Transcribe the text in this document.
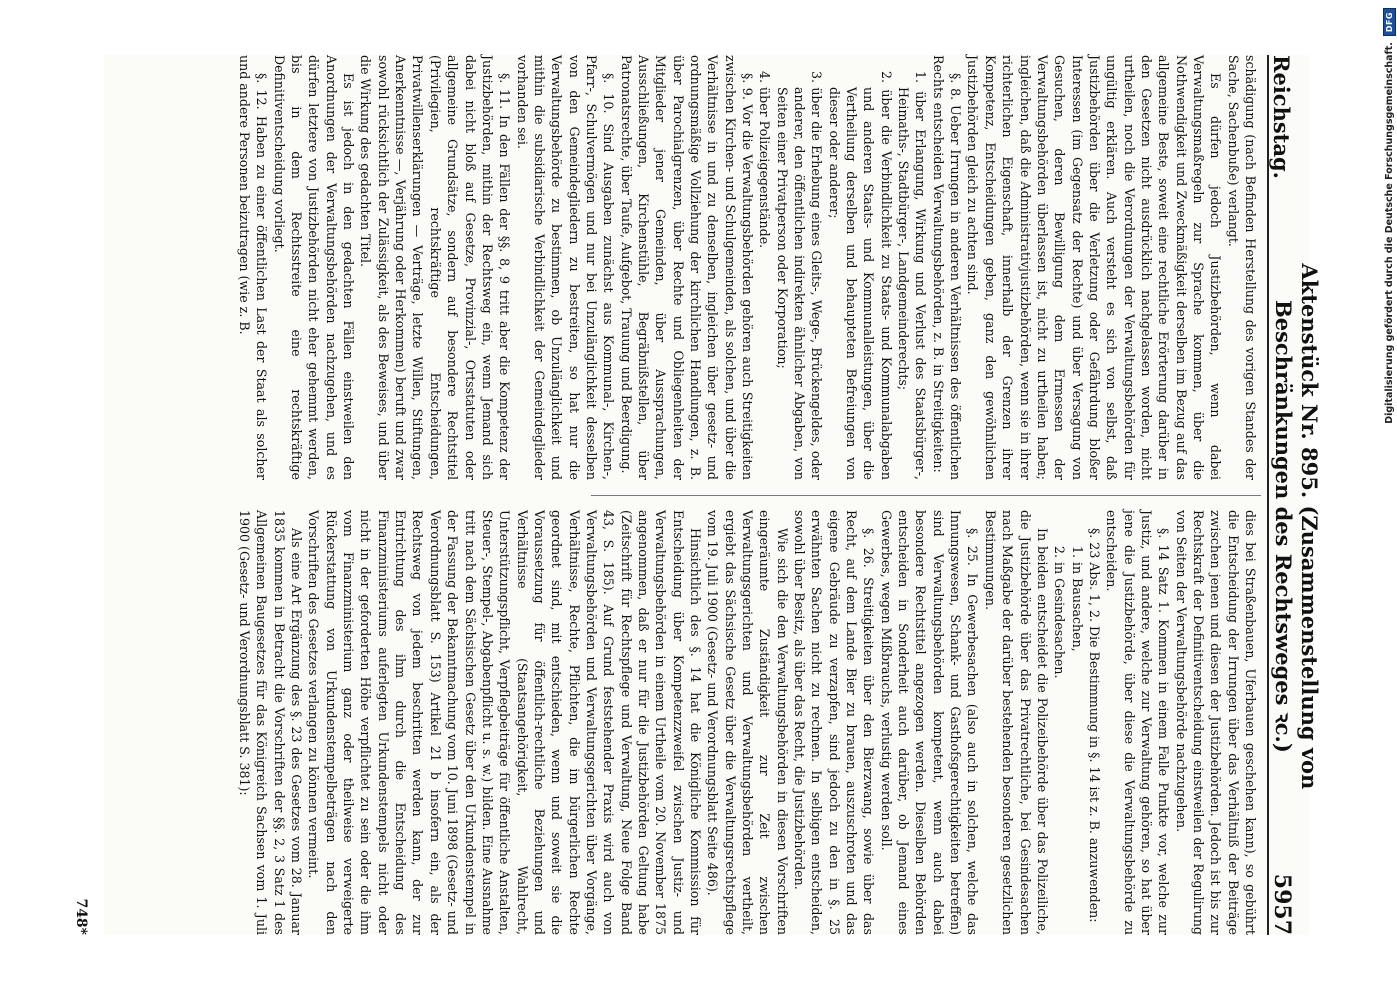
Reichstag.
Aktenstück Nr. 895. (Zusammenstellung von Beschränkungen des Rechtsweges ꝛc.)
5957

schädigung (nach Befinden Herstellung des vorigen Standes der Sache, Sachenbuße) verlangt.

Es dürfen jedoch Justizbehörden, wenn dabei Verwaltungsmaßregeln zur Sprache kommen, über die Nothwendigkeit und Zweckmäßigkeit derselben im Bezug auf das allgemeine Beste, soweit eine rechtliche Erörterung darüber in den Gesetzen nicht ausdrücklich nachgelassen worden, nicht urtheilen, noch die Verordnungen der Verwaltungsbehörden für ungültig erklären. Auch versteht es sich von selbst, daß Justizbehörden über die Verletzung oder Gefährdung bloßer Interessen (im Gegensatz der Rechte) und über Versagung von Gesuchen, deren Bewilligung dem Ermessen der Verwaltungsbehörden überlassen ist, nicht zu urtheilen haben; ingleichen, daß die Administrativjustizbehörden, wenn sie in ihrer richterlichen Eigenschaft, innerhalb der Grenzen ihrer Kompetenz, Entscheidungen geben, ganz den gewöhnlichen Justizbehörden gleich zu achten sind.

§. 8. Ueber Irrungen in anderen Verhältnissen des öffentlichen Rechts entscheiden Verwaltungsbehörden, z. B. in Streitigkeiten:

1. über Erlangung, Wirkung und Verlust des Staatsbürger-, Heimaths-, Stadtbürger-, Landgemeinderechts;

2. über die Verbindlichkeit zu Staats- und Kommunalabgaben und anderen Staats- und Kommunalleistungen, über die Vertheilung derselben und behaupteten Befreiungen von dieser oder anderer;

3. über die Erhebung eines Gleits-, Wege-, Brückengeldes, oder anderer, den öffentlichen indirekten ähnlicher Abgaben, von Seiten einer Privatperson oder Korporation;

4. über Polizeigegenstände.

§. 9. Vor die Verwaltungsbehörden gehören auch Streitigkeiten zwischen Kirchen- und Schulgemeinden, als solchen, und über die Verhältnisse in und zu denselben, ingleichen über gesetz- und ordnungsmäßige Vollziehung der kirchlichen Handlungen, z. B. über Parochialgrenzen, über Rechte und Obliegenheiten der Mitglieder jener Gemeinden, über Aussprachungen, Ausschließungen, Kirchenstühle, Begräbnißstellen, über Patronatsrechte, über Taufe, Aufgebot, Trauung und Beerdigung.

§. 10. Sind Ausgaben zunächst aus Kommunal-, Kirchen-, Pfarr-, Schulvermögen und nur bei Unzulänglichkeit desselben von den Gemeindegliedern zu bestreiten, so hat nur die Verwaltungsbehörde zu bestimmen, ob Unzulänglichkeit und mithin die subsidiarische Verbindlichkeit der Gemeindeglieder vorhanden sei.

§. 11. In den Fällen der §§. 8, 9 tritt aber die Kompetenz der Justizbehörden, mithin der Rechtsweg ein, wenn Jemand sich dabei nicht bloß auf Gesetze, Provinzial-, Ortsstatuten oder allgemeine Grundsätze, sondern auf besondere Rechtstitel (Privilegien, rechtskräftige Entscheidungen, Privatwillenserklärungen — Verträge, letzte Willen, Stiftungen, Anerkenntnisse —, Verjährung oder Herkommen) beruft und zwar sowohl rücksichtlich der Zulässigkeit, als des Beweises, und über die Wirkung des gedachten Titel.

Es ist jedoch in den gedachten Fällen einstweilen den Anordnungen der Verwaltungsbehörden nachzugehen, und es dürfen letztere von Justizbehörden nicht eher gehemmt werden, bis in dem Rechtsstreite eine rechtskräftige Definitiventscheidung vorliegt.

§. 12. Haben zu einer öffentlichen Last der Staat als solcher und andere Personen beizutragen (wie z. B.

dies bei Straßenbauen, Uferbauen geschehen kann), so gebührt die Entscheidung der Irrungen über das Verhältniß der Beiträge zwischen jenen und diesen der Justizbehörden. Jedoch ist bis zur Rechtskraft der Definitiventscheidung einstweilen der Regulirung von Seiten der Verwaltungsbehörde nachzugehen.

§. 14 Satz 1. Kommen in einem Falle Punkte vor, welche zur Justiz, und andere, welche zur Verwaltung gehören, so hat über jene die Justizbehörde, über diese die Verwaltungsbehörde zu entscheiden.

§. 23 Abs. 1, 2. Die Bestimmung in §. 14 ist z. B. anzuwenden:

1. in Bausachen,

2. in Gesindesachen.

In beiden entscheidet die Polizeibehörde über das Polizeiliche, die Justizbehörde über das Privatrechtliche, bei Gesindesachen nach Maßgabe der darüber bestehenden besonderen gesetzlichen Bestimmungen.

§. 25. In Gewerbesachen (also auch in solchen, welche das Innungswesen, Schank- und Gasthofsgerechtigkeiten betreffen) sind Verwaltungsbehörden kompetent, wenn auch dabei besondere Rechtstitel angezogen werden. Dieselben Behörden entscheiden in Sonderheit auch darüber, ob Jemand eines Gewerbes, wegen Mißbrauchs, verlustig werden soll.

§. 26. Streitigkeiten über den Bierzwang, sowie über das Recht, auf dem Lande Bier zu brauen, auszuschroten und das eigene Gebräude zu verzapfen, sind jedoch zu den in §. 25 erwähnten Sachen nicht zu rechnen. In selbigen entscheiden, sowohl über Besitz, als über das Recht, die Justizbehörden.

Wie sich die den Verwaltungsbehörden in diesen Vorschriften eingeräumte Zuständigkeit zur Zeit zwischen Verwaltungsgerichten und Verwaltungsbehörden vertheilt, ergiebt das Sächsische Gesetz über die Verwaltungsrechtspflege vom 19. Juli 1900 (Gesetz- und Verordnungsblatt Seite 486).

Hinsichtlich des §. 14 hat die Königliche Kommission für Entscheidung über Kompetenzzweifel zwischen Justiz- und Verwaltungsbehörden in einem Urtheile vom 20. November 1875 angenommen, daß er nur für die Justizbehörden Geltung habe (Zeitschrift für Rechtspflege und Verwaltung, Neue Folge Band 43, S. 185). Auf Grund feststehender Praxis wird auch von Verwaltungsbehörden und Verwaltungsgerichten über Vorgänge, Verhältnisse, Rechte, Pflichten, die im bürgerlichen Rechte geordnet sind, mit entschieden, wenn und soweit sie die Voraussetzung für öffentlich-rechtliche Beziehungen und Verhältnisse (Staatsangehörigkeit, Wahlrecht, Unterstützungspflicht, Verpflegbeiträge für öffentliche Anstalten, Steuer-, Stempel-, Abgabenpflicht u. s. w.) bilden. Eine Ausnahme tritt nach dem Sächsischen Gesetz über den Urkundenstempel in der Fassung der Bekanntmachung vom 10. Juni 1898 (Gesetz- und Verordnungsblatt S. 153) Artikel 21 b insofern ein, als der Rechtsweg von jedem beschritten werden kann, der zur Entrichtung des ihm durch die Entscheidung des Finanzministeriums auferlegten Urkundenstempels nicht oder nicht in der geforderten Höhe verpflichtet zu sein oder die ihm vom Finanzministerium ganz oder theilweise verweigerte Rückerstattung von Urkundenstempelbeträgen nach den Vorschriften des Gesetzes verlangen zu können vermeint.

Als eine Art Ergänzung des §. 23 des Gesetzes vom 28. Januar 1835 kommen in Betracht die Vorschriften der §§. 2, 3 Satz 1 des Allgemeinen Baugesetzes für das Königreich Sachsen vom 1. Juli 1900 (Gesetz- und Verordnungsblatt S. 381):

748*
Digitalisierung gefördert durch die Deutsche Forschungsgemeinschaft.
DFG
